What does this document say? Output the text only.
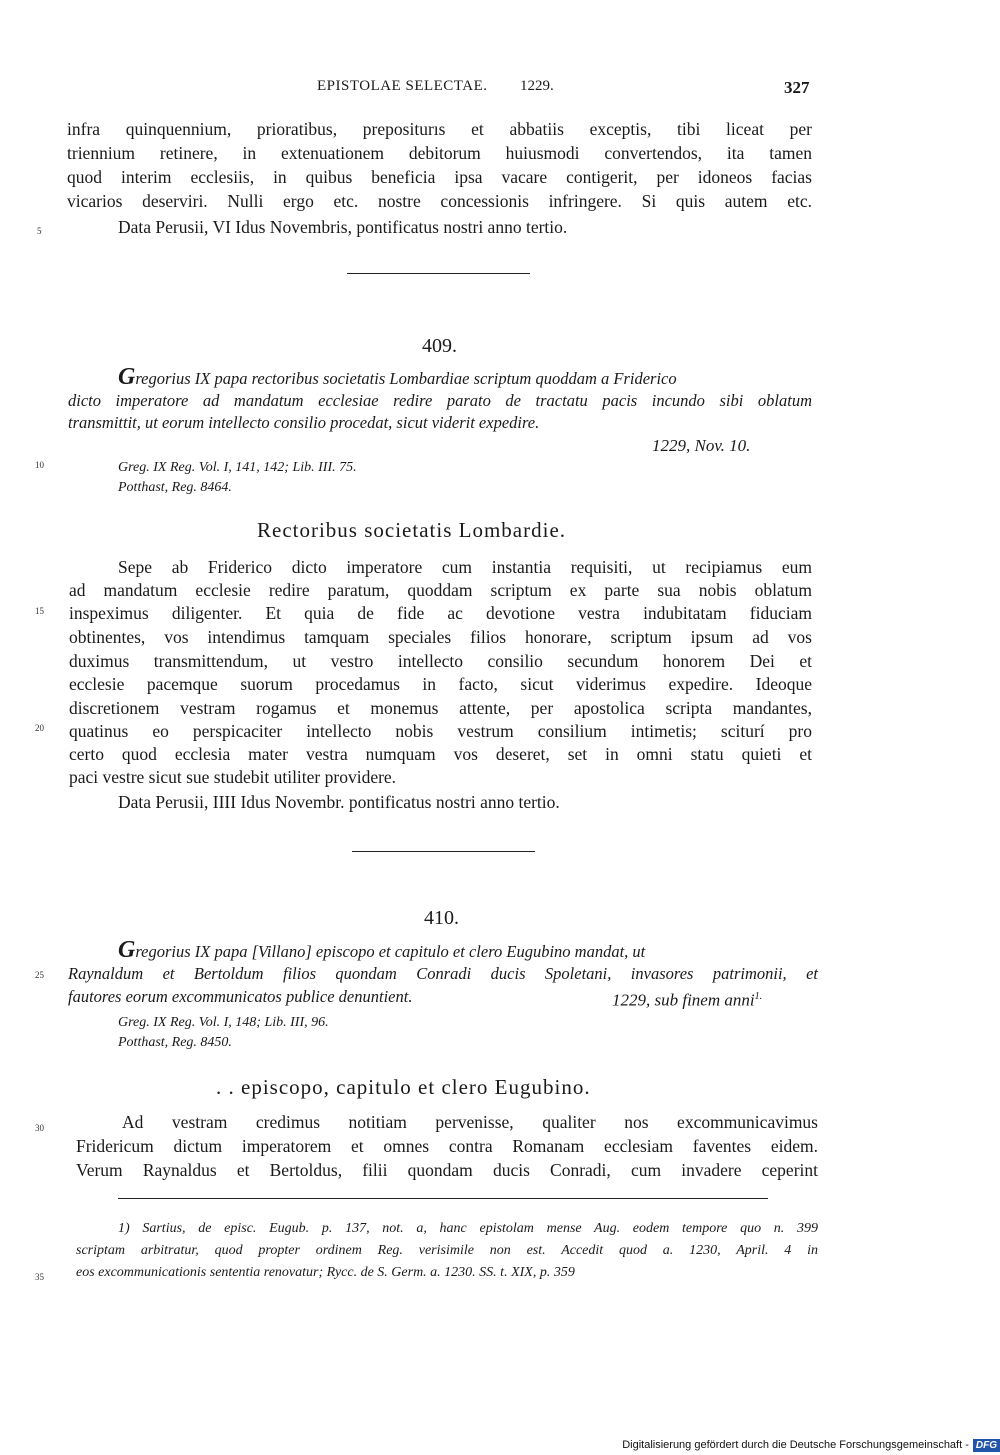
EPISTOLAE SELECTAE. 1229.	327
5
10
15
20
25
30
35
infra quinquennium, prioratibus, prepositurıs et abbatiis exceptis, tibi liceat per
triennium retinere, in extenuationem debitorum huiusmodi convertendos, ita tamen
quod interim ecclesiis, in quibus beneficia ipsa vacare contigerit, per idoneos facias
vicarios deserviri. Nulli ergo etc. nostre concessionis infringere. Si quis autem etc.
Data Perusii, VI Idus Novembris, pontificatus nostri anno tertio.
409.
Gregorius IX papa rectoribus societatis Lombardiae scriptum quoddam a Friderico
dicto imperatore ad mandatum ecclesiae redire parato de tractatu pacis incundo sibi oblatum
transmittit, ut eorum intellecto consilio procedat, sicut viderit expedire.
1229, Nov. 10.
Greg. IX Reg. Vol. I, 141, 142; Lib. III. 75.
Potthast, Reg. 8464.
Rectoribus societatis Lombardie.
Sepe ab Friderico dicto imperatore cum instantia requisiti, ut recipiamus eum
ad mandatum ecclesie redire paratum, quoddam scriptum ex parte sua nobis oblatum
inspeximus diligenter. Et quia de fide ac devotione vestra indubitatam fiduciam
obtinentes, vos intendimus tamquam speciales filios honorare, scriptum ipsum ad vos
duximus transmittendum, ut vestro intellecto consilio secundum honorem Dei et
ecclesie pacemque suorum procedamus in facto, sicut viderimus expedire. Ideoque
discretionem vestram rogamus et monemus attente, per apostolica scripta mandantes,
quatinus eo perspicaciter intellecto nobis vestrum consilium intimetis; sciturí pro
certo quod ecclesia mater vestra numquam vos deseret, set in omni statu quieti et
paci vestre sicut sue studebit utiliter providere.
Data Perusii, IIII Idus Novembr. pontificatus nostri anno tertio.
410.
Gregorius IX papa [Villano] episcopo et capitulo et clero Eugubino mandat, ut
Raynaldum et Bertoldum filios quondam Conradi ducis Spoletani, invasores patrimonii, et
fautores eorum excommunicatos publice denuntient.	1229, sub finem anni$^{1.}$
Greg. IX Reg. Vol. I, 148; Lib. III, 96.
Potthast, Reg. 8450.
. . episcopo, capitulo et clero Eugubino.
Ad vestram credimus notitiam pervenisse, qualiter nos excommunicavimus
Fridericum dictum imperatorem et omnes contra Romanam ecclesiam faventes eidem.
Verum Raynaldus et Bertoldus, filii quondam ducis Conradi, cum invadere ceperint
1) Sartius, de episc. Eugub. p. 137, not. a, hanc epistolam mense Aug. eodem tempore quo n. 399
scriptam arbitratur, quod propter ordinem Reg. verisimile non est. Accedit quod a. 1230, April. 4 in
eos excommunicationis sententia renovatur; Rycc. de S. Germ. a. 1230. SS. t. XIX, p. 359
Digitalisierung gefördert durch die Deutsche Forschungsgemeinschaft - DFG
